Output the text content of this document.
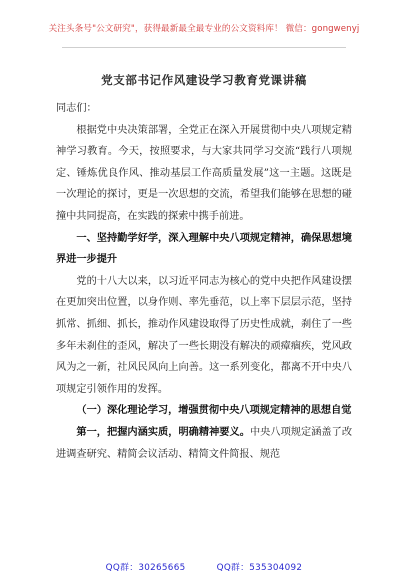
关注头条号"公文研究"，获得最新最全最专业的公文资料库！ 微信：gongwenyj
党支部书记作风建设学习教育党课讲稿

同志们：

根据党中央决策部署，全党正在深入开展贯彻中央八项规定精神学习教育。今天，按照要求，与大家共同学习交流“践行八项规定、锤炼优良作风、推动基层工作高质量发展”这一主题。这既是一次理论的探讨，更是一次思想的交流，希望我们能够在思想的碰撞中共同提高，在实践的探索中携手前进。

一、坚持勤学好学，深入理解中央八项规定精神，确保思想境界进一步提升

党的十八大以来，以习近平同志为核心的党中央把作风建设摆在更加突出位置，以身作则、率先垂范，以上率下层层示范，坚持抓常、抓细、抓长，推动作风建设取得了历史性成就，刹住了一些多年未刹住的歪风，解决了一些长期没有解决的顽瘴痼疾，党风政风为之一新，社风民风向上向善。这一系列变化，都离不开中央八项规定引领作用的发挥。

（一）深化理论学习，增强贯彻中央八项规定精神的思想自觉

第一，把握内涵实质，明确精神要义。中央八项规定涵盖了改进调查研究、精简会议活动、精简文件简报、规范

QQ群：30265665	QQ群：535304092
